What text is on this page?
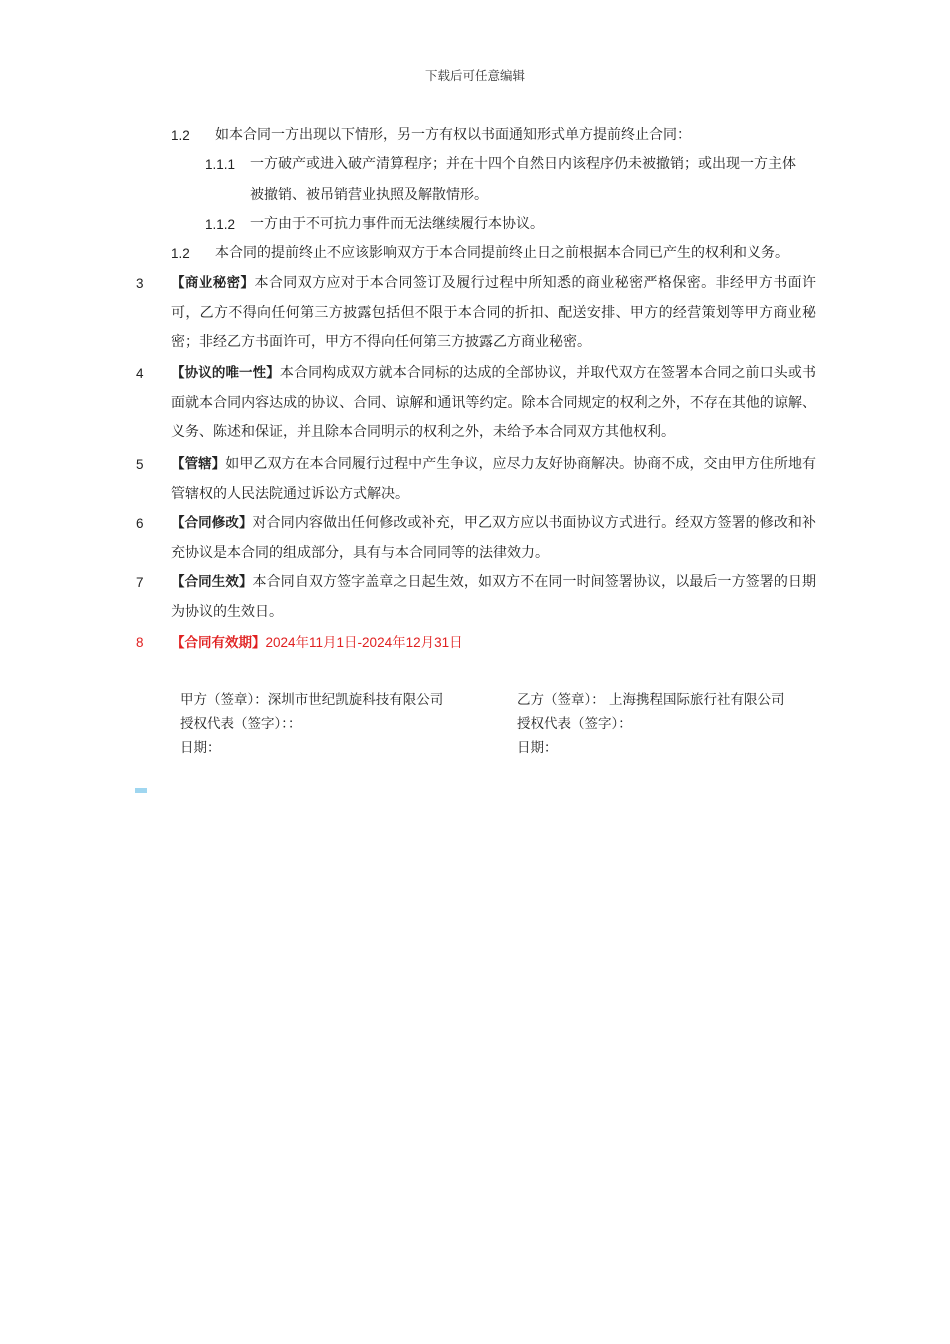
下载后可任意编辑
1.2 如本合同一方出现以下情形，另一方有权以书面通知形式单方提前终止合同：
1.1.1 一方破产或进入破产清算程序；并在十四个自然日内该程序仍未被撤销；或出现一方主体
被撤销、被吊销营业执照及解散情形。
1.1.2 一方由于不可抗力事件而无法继续履行本协议。
1.2 本合同的提前终止不应该影响双方于本合同提前终止日之前根据本合同已产生的权利和义务。
3	【商业秘密】本合同双方应对于本合同签订及履行过程中所知悉的商业秘密严格保密。非经甲方书面许可，乙方不得向任何第三方披露包括但不限于本合同的折扣、配送安排、甲方的经营策划等甲方商业秘密；非经乙方书面许可，甲方不得向任何第三方披露乙方商业秘密。
4	【协议的唯一性】本合同构成双方就本合同标的达成的全部协议，并取代双方在签署本合同之前口头或书面就本合同内容达成的协议、合同、谅解和通讯等约定。除本合同规定的权利之外，不存在其他的谅解、义务、陈述和保证，并且除本合同明示的权利之外，未给予本合同双方其他权利。
5	【管辖】如甲乙双方在本合同履行过程中产生争议，应尽力友好协商解决。协商不成，交由甲方住所地有管辖权的人民法院通过诉讼方式解决。
6	【合同修改】对合同内容做出任何修改或补充，甲乙双方应以书面协议方式进行。经双方签署的修改和补充协议是本合同的组成部分，具有与本合同同等的法律效力。
7	【合同生效】本合同自双方签字盖章之日起生效，如双方不在同一时间签署协议，以最后一方签署的日期为协议的生效日。
8	【合同有效期】2024年11月1日-2024年12月31日
甲方（签章）：深圳市世纪凯旋科技有限公司
授权代表（签字）：：
日期：
乙方（签章）： 上海携程国际旅行社有限公司
授权代表（签字）：
日期：
